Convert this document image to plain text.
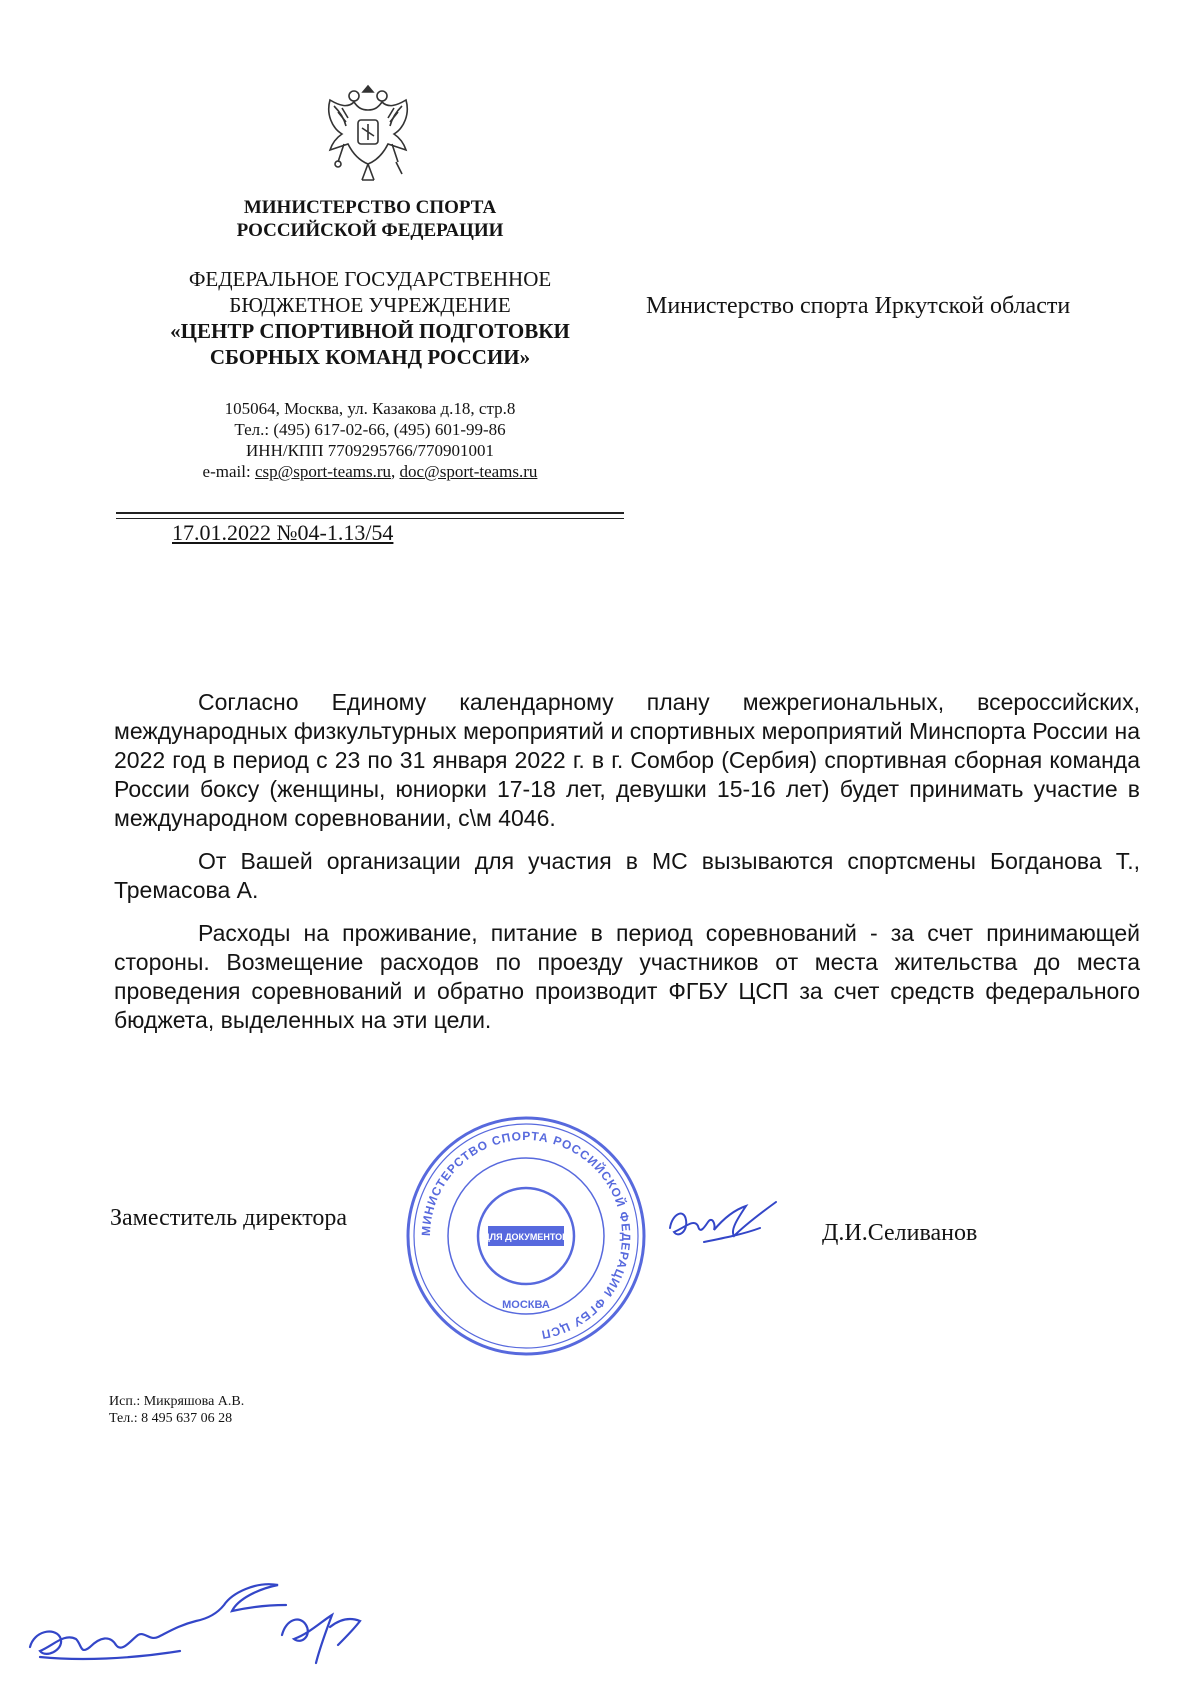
МИНИСТЕРСТВО СПОРТА
РОССИЙСКОЙ ФЕДЕРАЦИИ
ФЕДЕРАЛЬНОЕ ГОСУДАРСТВЕННОЕ
БЮДЖЕТНОЕ УЧРЕЖДЕНИЕ
«ЦЕНТР СПОРТИВНОЙ ПОДГОТОВКИ
СБОРНЫХ КОМАНД РОССИИ»
105064, Москва, ул. Казакова д.18, стр.8
Тел.: (495) 617-02-66, (495) 601-99-86
ИНН/КПП 7709295766/770901001
e-mail: csp@sport-teams.ru, doc@sport-teams.ru
17.01.2022 №04-1.13/54
Министерство спорта Иркутской области

Согласно Единому календарному плану межрегиональных, всероссийских, международных физкультурных мероприятий и спортивных мероприятий Минспорта России на 2022 год в период с 23 по 31 января 2022 г. в г. Сомбор (Сербия) спортивная сборная команда России боксу (женщины, юниорки 17-18 лет, девушки 15-16 лет) будет принимать участие в международном соревновании, с\м 4046.

От Вашей организации для участия в МС вызываются спортсмены Богданова Т., Тремасова А.

Расходы на проживание, питание в период соревнований - за счет принимающей стороны. Возмещение расходов по проезду участников от места жительства до места проведения соревнований и обратно производит ФГБУ ЦСП за счет средств федерального бюджета, выделенных на эти цели.

Заместитель директора	МИНИСТЕРСТВО СПОРТА РОССИЙСКОЙ ФЕДЕРАЦИИ ФГБУ ЦСП
ДЛЯ ДОКУМЕНТОВ
МОСКВА
Д.И.Селиванов
Исп.: Микряшова А.В.
Тел.: 8 495 637 06 28
